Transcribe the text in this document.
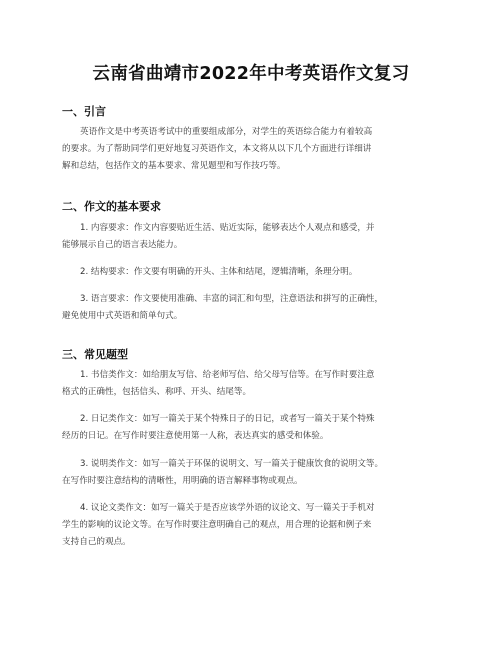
云南省曲靖市2022年中考英语作文复习
一、引言
英语作文是中考英语考试中的重要组成部分，对学生的英语综合能力有着较高
的要求。为了帮助同学们更好地复习英语作文，本文将从以下几个方面进行详细讲
解和总结，包括作文的基本要求、常见题型和写作技巧等。
二、作文的基本要求
1. 内容要求：作文内容要贴近生活、贴近实际，能够表达个人观点和感受，并
能够展示自己的语言表达能力。
2. 结构要求：作文要有明确的开头、主体和结尾，逻辑清晰，条理分明。
3. 语言要求：作文要使用准确、丰富的词汇和句型，注意语法和拼写的正确性，
避免使用中式英语和简单句式。
三、常见题型
1. 书信类作文：如给朋友写信、给老师写信、给父母写信等。在写作时要注意
格式的正确性，包括信头、称呼、开头、结尾等。
2. 日记类作文：如写一篇关于某个特殊日子的日记，或者写一篇关于某个特殊
经历的日记。在写作时要注意使用第一人称，表达真实的感受和体验。
3. 说明类作文：如写一篇关于环保的说明文、写一篇关于健康饮食的说明文等。
在写作时要注意结构的清晰性，用明确的语言解释事物或观点。
4. 议论文类作文：如写一篇关于是否应该学外语的议论文、写一篇关于手机对
学生的影响的议论文等。在写作时要注意明确自己的观点，用合理的论据和例子来
支持自己的观点。
